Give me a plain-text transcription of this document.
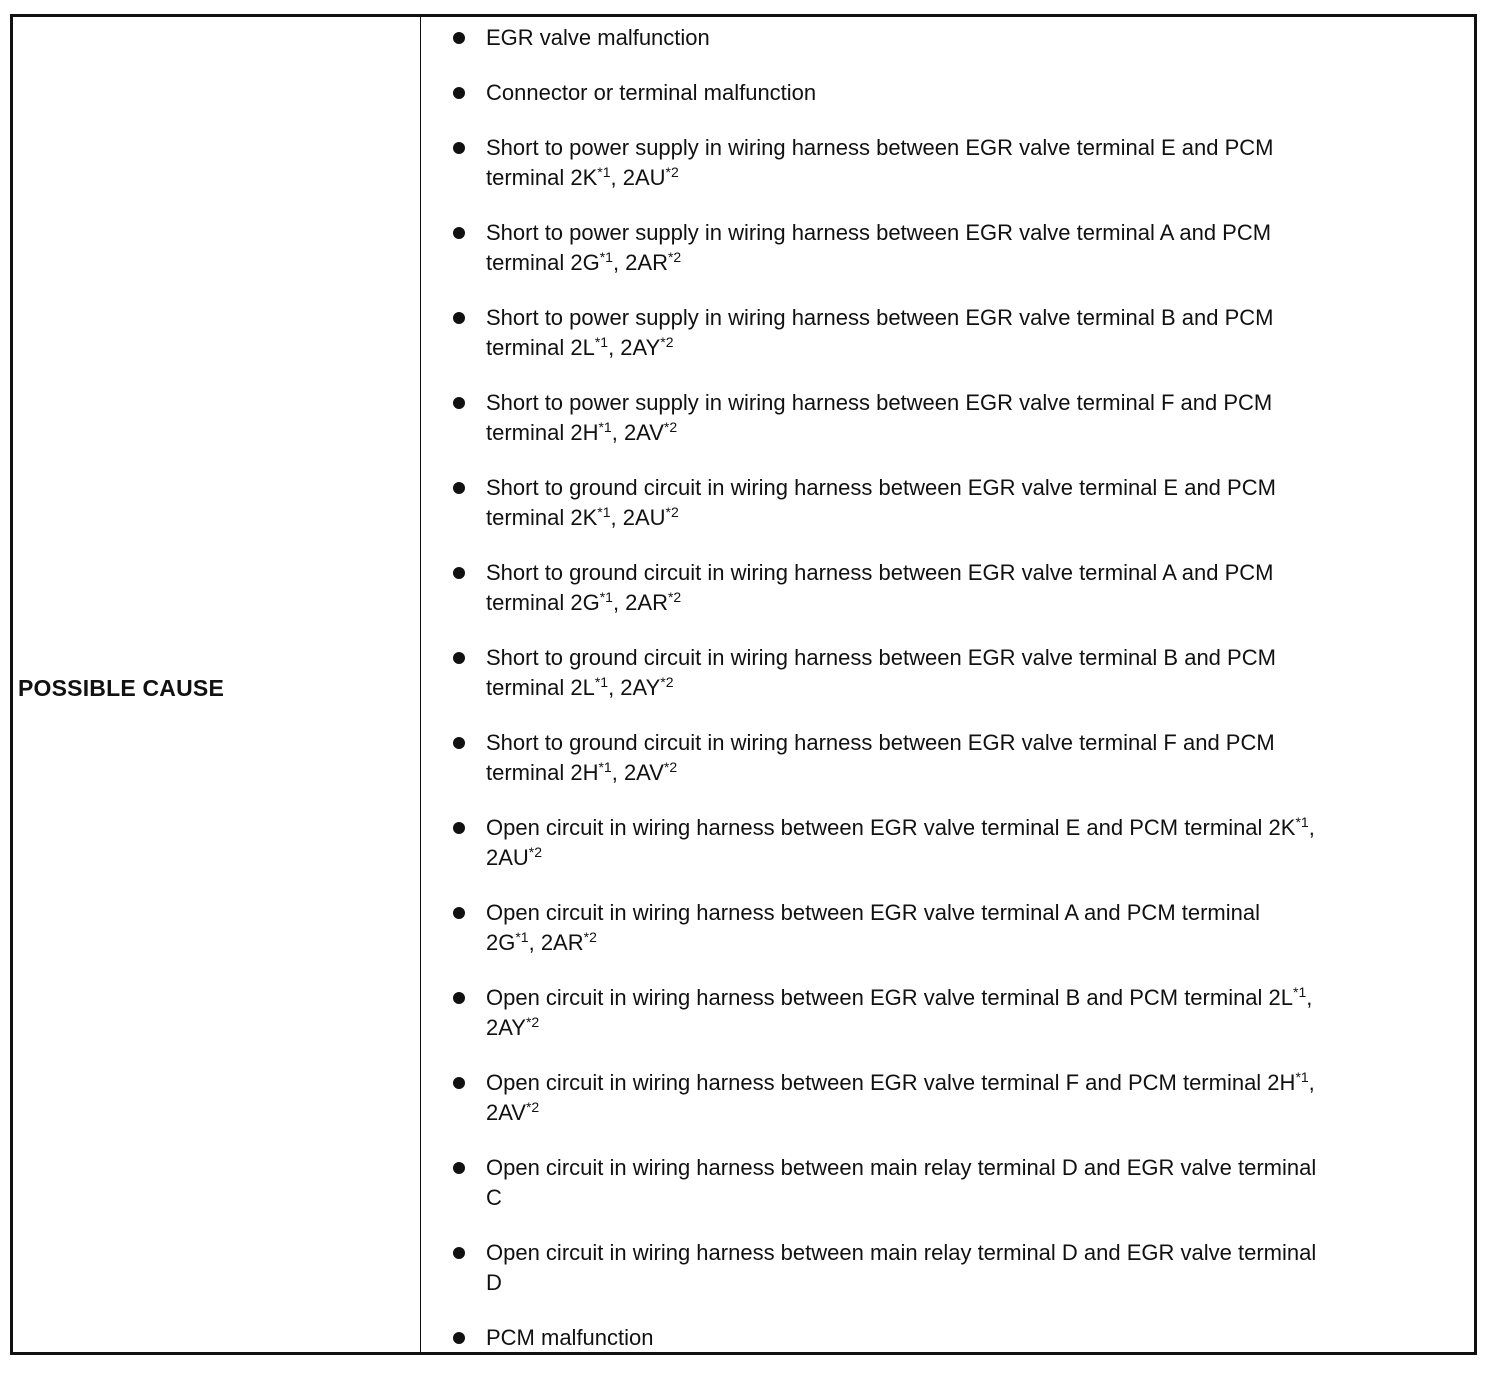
POSSIBLE CAUSE
EGR valve malfunction
Connector or terminal malfunction
Short to power supply in wiring harness between EGR valve terminal E and PCM
terminal $2K^{*1}$, 2AU$^{*2}$
Short to power supply in wiring harness between EGR valve terminal A and PCM
terminal $2G^{*1}$, 2AR$^{*2}$
Short to power supply in wiring harness between EGR valve terminal B and PCM
terminal $2L^{*1}$, 2AY$^{*2}$
Short to power supply in wiring harness between EGR valve terminal F and PCM
terminal $2H^{*1}$, 2AV$^{*2}$
Short to ground circuit in wiring harness between EGR valve terminal E and PCM
terminal $2K^{*1}$, 2AU$^{*2}$
Short to ground circuit in wiring harness between EGR valve terminal A and PCM
terminal $2G^{*1}$, 2AR$^{*2}$
Short to ground circuit in wiring harness between EGR valve terminal B and PCM
terminal $2L^{*1}$, 2AY$^{*2}$
Short to ground circuit in wiring harness between EGR valve terminal F and PCM
terminal $2H^{*1}$, 2AV$^{*2}$
Open circuit in wiring harness between EGR valve terminal E and PCM terminal $2K^{*1}$,
2AU$^{*2}$
Open circuit in wiring harness between EGR valve terminal A and PCM terminal
$2G^{*1}$, 2AR$^{*2}$
Open circuit in wiring harness between EGR valve terminal B and PCM terminal $2L^{*1}$,
2AY$^{*2}$
Open circuit in wiring harness between EGR valve terminal F and PCM terminal $2H^{*1}$,
2AV$^{*2}$
Open circuit in wiring harness between main relay terminal D and EGR valve terminal
C
Open circuit in wiring harness between main relay terminal D and EGR valve terminal
D
PCM malfunction
